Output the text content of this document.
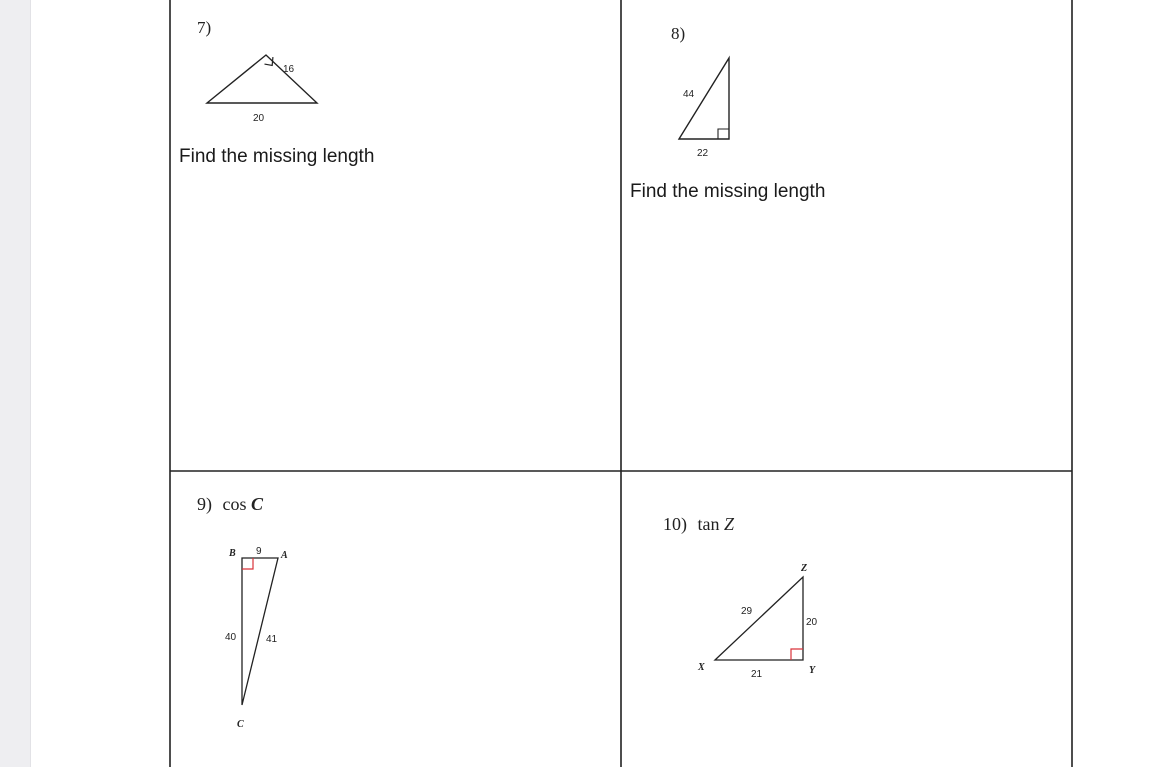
7)
16
20
Find the missing length
8)
44
22
Find the missing length
9) cos C
B 9 A
40	41
C
10) tan Z
Z
29
20
X
21	Y
